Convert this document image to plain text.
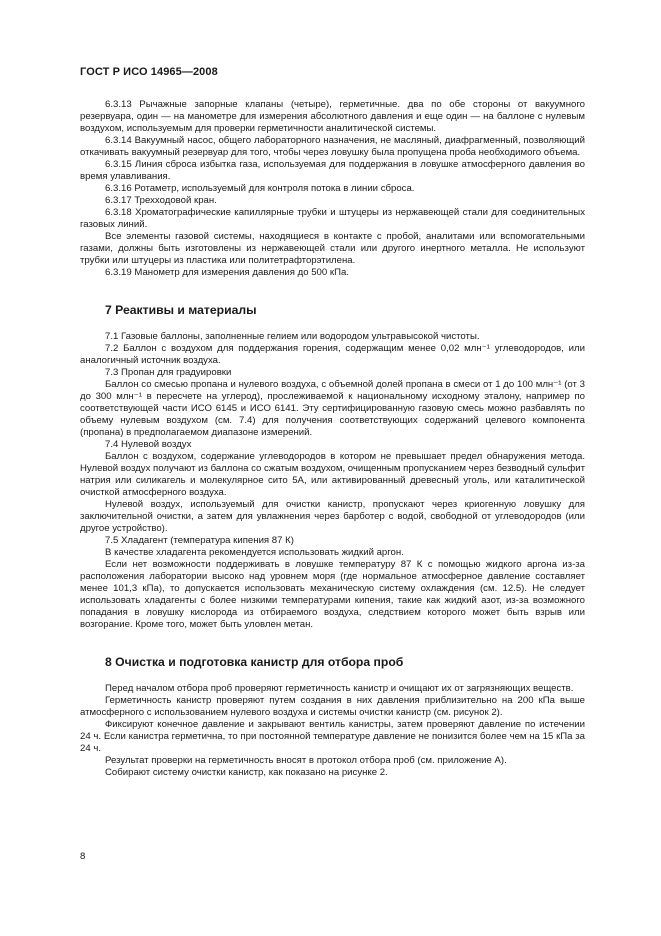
ГОСТ Р ИСО 14965—2008

6.3.13 Рычажные запорные клапаны (четыре), герметичные. два по обе стороны от вакуумного резервуара, один — на манометре для измерения абсолютного давления и еще один — на баллоне с нулевым воздухом, используемым для проверки герметичности аналитической системы.

6.3.14 Вакуумный насос, общего лабораторного назначения, не масляный, диафрагменный, позволяющий откачивать вакуумный резервуар для того, чтобы через ловушку была пропущена проба необходимого объема.

6.3.15 Линия сброса избытка газа, используемая для поддержания в ловушке атмосферного давления во время улавливания.

6.3.16 Ротаметр, используемый для контроля потока в линии сброса.

6.3.17 Трехходовой кран.

6.3.18 Хроматографические капиллярные трубки и штуцеры из нержавеющей стали для соединительных газовых линий.

Все элементы газовой системы, находящиеся в контакте с пробой, аналитами или вспомогательными газами, должны быть изготовлены из нержавеющей стали или другого инертного металла. Не используют трубки или штуцеры из пластика или политетрафторэтилена.

6.3.19 Манометр для измерения давления до 500 кПа.

7 Реактивы и материалы

7.1 Газовые баллоны, заполненные гелием или водородом ультравысокой чистоты.

7.2 Баллон с воздухом для поддержания горения, содержащим менее 0,02 млн⁻¹ углеводородов, или аналогичный источник воздуха.

7.3 Пропан для градуировки

Баллон со смесью пропана и нулевого воздуха, с объемной долей пропана в смеси от 1 до 100 млн⁻¹ (от 3 до 300 млн⁻¹ в пересчете на углерод), прослеживаемой к национальному исходному эталону, например по соответствующей части ИСО 6145 и ИСО 6141. Эту сертифицированную газовую смесь можно разбавлять по объему нулевым воздухом (см. 7.4) для получения соответствующих содержаний целевого компонента (пропана) в предполагаемом диапазоне измерений.

7.4 Нулевой воздух

Баллон с воздухом, содержание углеводородов в котором не превышает предел обнаружения метода. Нулевой воздух получают из баллона со сжатым воздухом, очищенным пропусканием через безводный сульфит натрия или силикагель и молекулярное сито 5А, или активированный древесный уголь, или каталитической очисткой атмосферного воздуха.

Нулевой воздух, используемый для очистки канистр, пропускают через криогенную ловушку для заключительной очистки, а затем для увлажнения через барботер с водой, свободной от углеводородов (или другое устройство).

7.5 Хладагент (температура кипения 87 К)

В качестве хладагента рекомендуется использовать жидкий аргон.

Если нет возможности поддерживать в ловушке температуру 87 К с помощью жидкого аргона из-за расположения лаборатории высоко над уровнем моря (где нормальное атмосферное давление составляет менее 101,3 кПа), то допускается использовать механическую систему охлаждения (см. 12.5). Не следует использовать хладагенты с более низкими температурами кипения, такие как жидкий азот, из-за возможного попадания в ловушку кислорода из отбираемого воздуха, следствием которого может быть взрыв или возгорание. Кроме того, может быть уловлен метан.

8 Очистка и подготовка канистр для отбора проб

Перед началом отбора проб проверяют герметичность канистр и очищают их от загрязняющих веществ.

Герметичность канистр проверяют путем создания в них давления приблизительно на 200 кПа выше атмосферного с использованием нулевого воздуха и системы очистки канистр (см. рисунок 2).

Фиксируют конечное давление и закрывают вентиль канистры, затем проверяют давление по истечении 24 ч. Если канистра герметична, то при постоянной температуре давление не понизится более чем на 15 кПа за 24 ч.

Результат проверки на герметичность вносят в протокол отбора проб (см. приложение А).

Собирают систему очистки канистр, как показано на рисунке 2.

8
